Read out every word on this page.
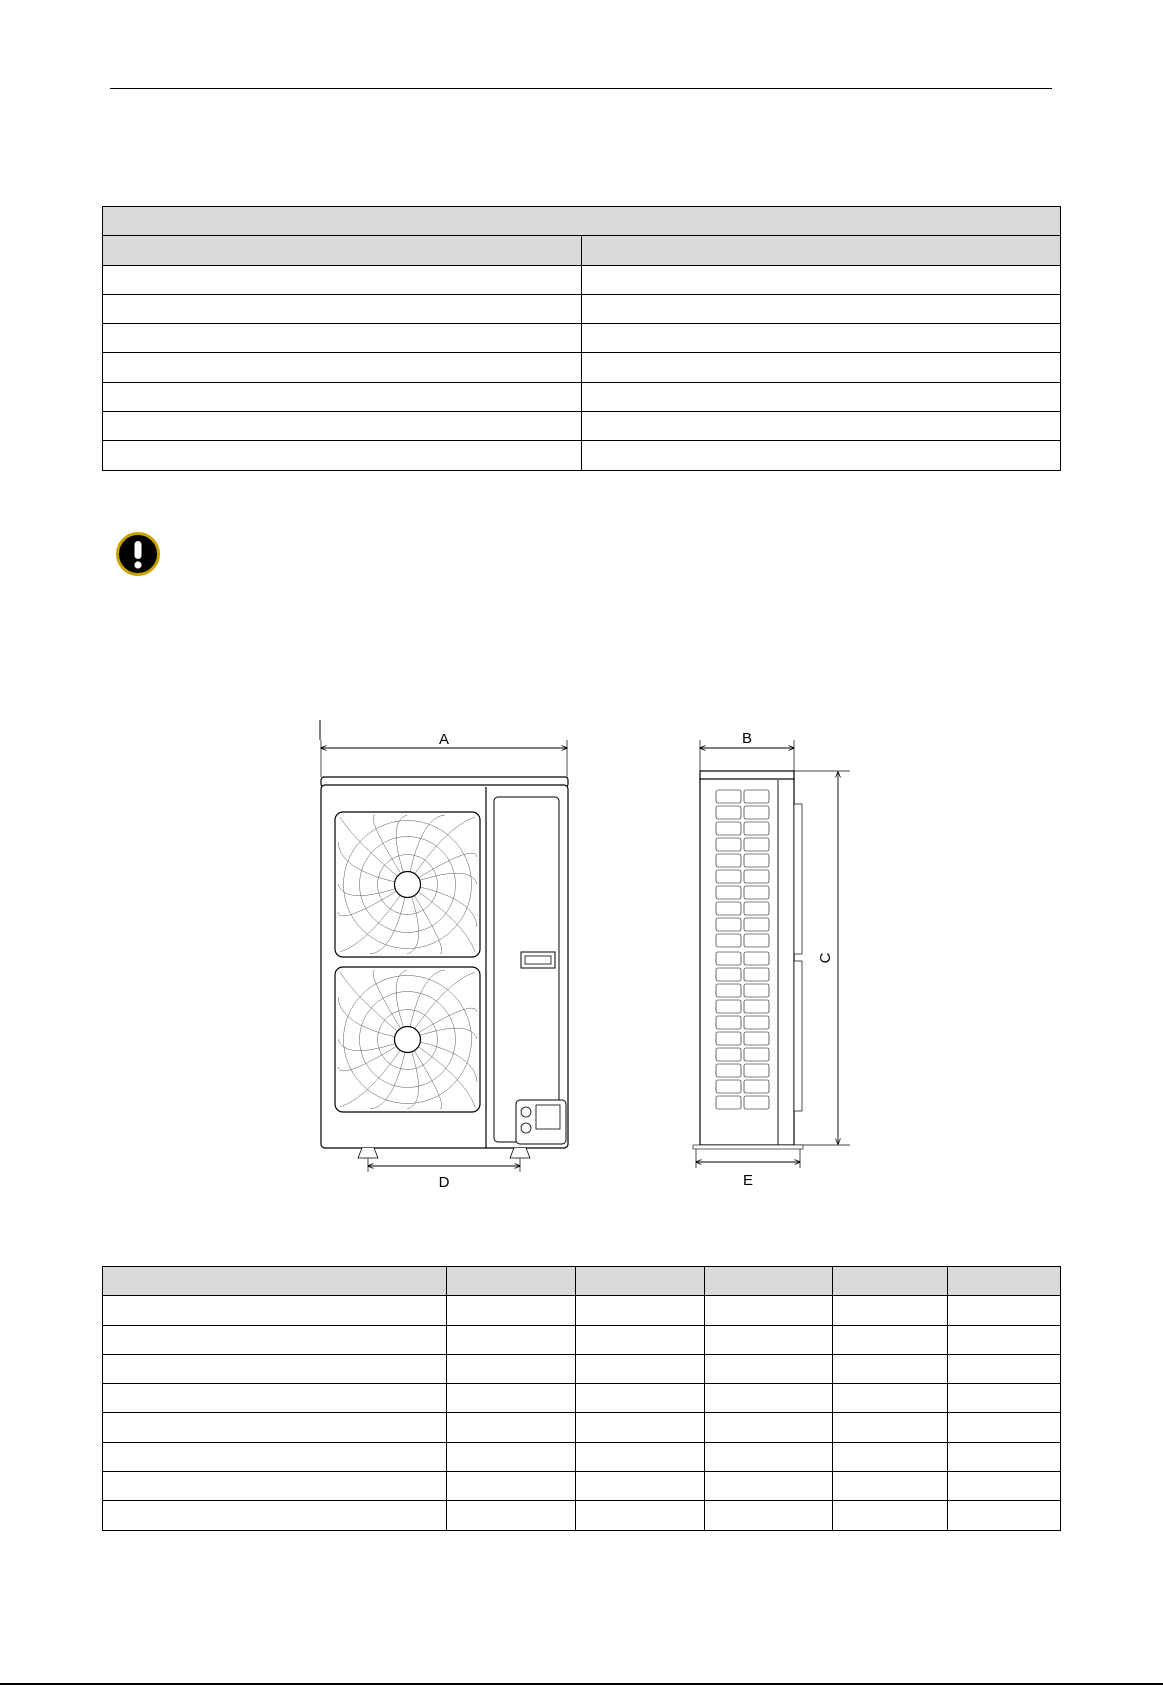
A
D
B
C
E
